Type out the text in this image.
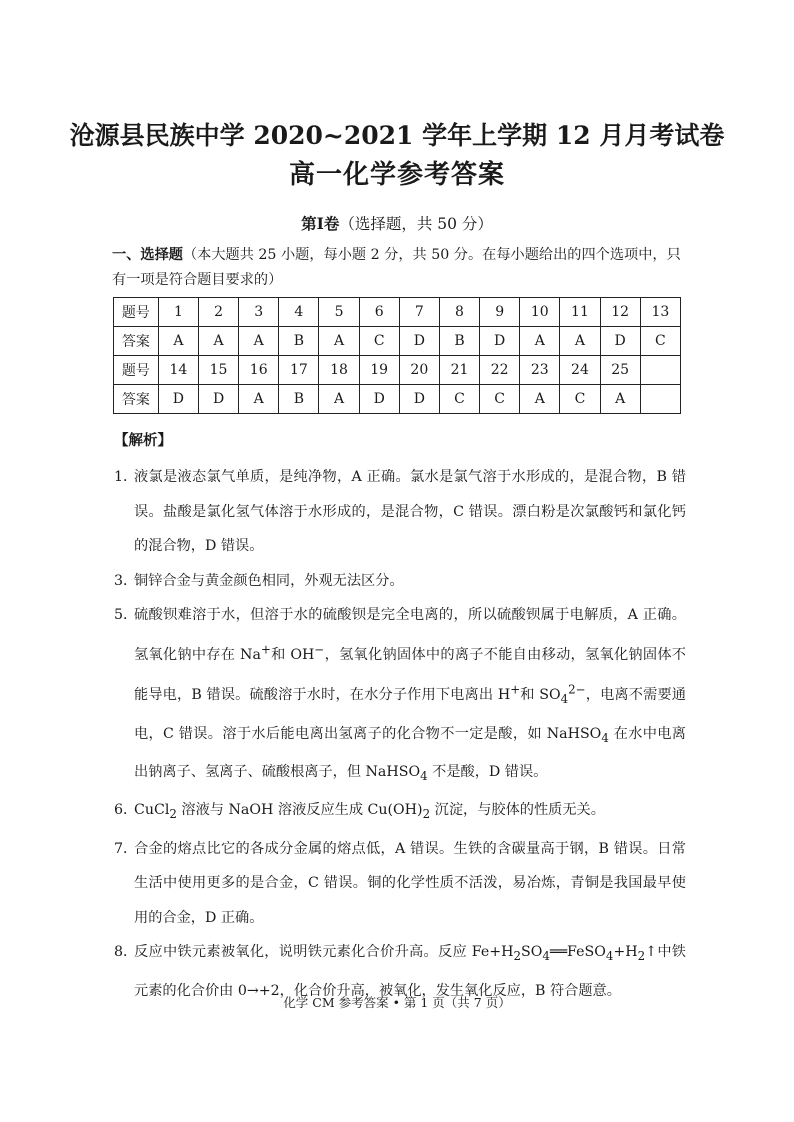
沧源县民族中学 2020~2021 学年上学期 12 月月考试卷
高一化学参考答案
第Ⅰ卷（选择题，共 50 分）
一、选择题（本大题共 25 小题，每小题 2 分，共 50 分。在每小题给出的四个选项中，只有一项是符合题目要求的）
题号	1	2	3	4	5	6	7	8	9	10	11	12	13
答案	A	A	A	B	A	C	D	B	D	A	A	D	C
题号	14	15	16	17	18	19	20	21	22	23	24	25	
答案	D	D	A	B	A	D	D	C	C	A	C	A	
【解析】
1．
液氯是液态氯气单质，是纯净物，A 正确。氯水是氯气溶于水形成的，是混合物，B 错误。盐酸是氯化氢气体溶于水形成的，是混合物，C 错误。漂白粉是次氯酸钙和氯化钙的混合物，D 错误。
3．
铜锌合金与黄金颜色相同，外观无法区分。
5．
硫酸钡难溶于水，但溶于水的硫酸钡是完全电离的，所以硫酸钡属于电解质，A 正确。氢氧化钠中存在 Na+和 OH−，氢氧化钠固体中的离子不能自由移动，氢氧化钠固体不能导电，B 错误。硫酸溶于水时，在水分子作用下电离出 H+和 $SO_4^{2-}$，电离不需要通电，C 错误。溶于水后能电离出氢离子的化合物不一定是酸，如 NaHSO$_4$ 在水中电离出钠离子、氢离子、硫酸根离子，但 NaHSO$_4$ 不是酸，D 错误。
6．
CuCl$_2$ 溶液与 NaOH 溶液反应生成 $Cu(OH)_2$ 沉淀，与胶体的性质无关。
7．
合金的熔点比它的各成分金属的熔点低，A 错误。生铁的含碳量高于钢，B 错误。日常生活中使用更多的是合金，C 错误。铜的化学性质不活泼，易冶炼，青铜是我国最早使用的合金，D 正确。
8．
反应中铁元素被氧化，说明铁元素化合价升高。反应 $Fe+H_2SO_4══FeSO_4+H_2↑$中铁元素的化合价由 0→+2，化合价升高，被氧化，发生氧化反应，B 符合题意。
化学 CM 参考答案 • 第 1 页（共 7 页）
